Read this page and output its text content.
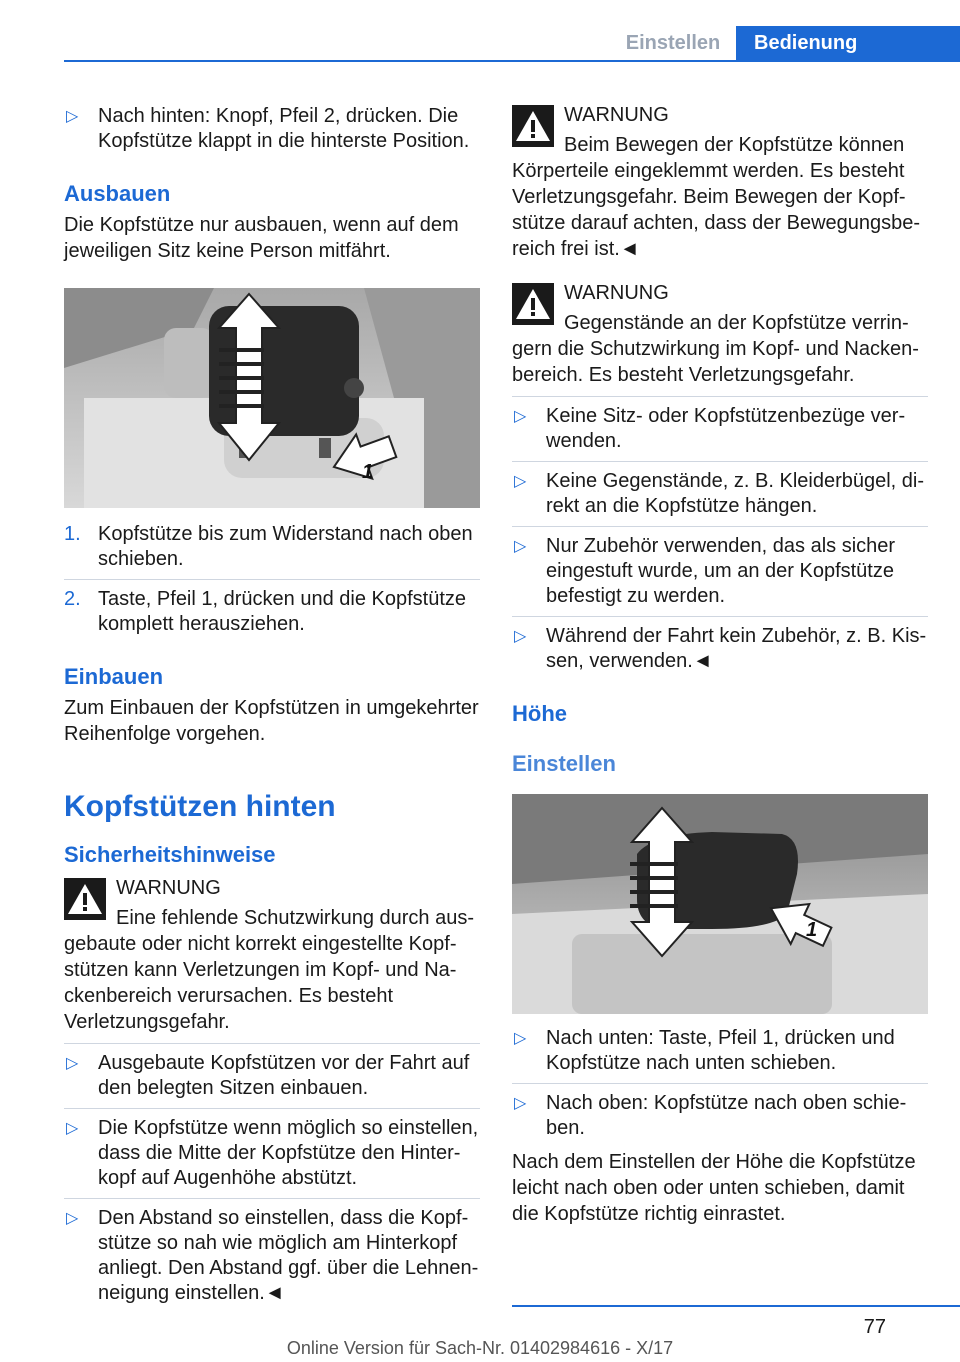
Einstellen	Bedienung
▷ Nach hinten: Knopf, Pfeil 2, drücken. Die Kopfstütze klappt in die hinterste Position.
Ausbauen
Die Kopfstütze nur ausbauen, wenn auf dem jeweiligen Sitz keine Person mitfährt.
1
1. Kopfstütze bis zum Widerstand nach oben schieben.
2. Taste, Pfeil 1, drücken und die Kopfstütze komplett herausziehen.
Einbauen
Zum Einbauen der Kopfstützen in umgekehrter Reihenfolge vorgehen.
Kopfstützen hinten
Sicherheitshinweise
WARNUNG
Eine fehlende Schutzwirkung durch aus-
gebaute oder nicht korrekt eingestellte Kopfstützen kann Verletzungen im Kopf- und Nackenbereich verursachen. Es besteht Verletzungsgefahr.
▷ Ausgebaute Kopfstützen vor der Fahrt auf den belegten Sitzen einbauen.
▷ Die Kopfstütze wenn möglich so einstellen, dass die Mitte der Kopfstütze den Hinterkopf auf Augenhöhe abstützt.
▷ Den Abstand so einstellen, dass die Kopfstütze so nah wie möglich am Hinterkopf anliegt. Den Abstand ggf. über die Lehnenneigung einstellen.◄
WARNUNG
Beim Bewegen der Kopfstütze können
Körperteile eingeklemmt werden. Es besteht Verletzungsgefahr. Beim Bewegen der Kopfstütze darauf achten, dass der Bewegungsbereich frei ist.◄
WARNUNG
Gegenstände an der Kopfstütze verrin-
gern die Schutzwirkung im Kopf- und Nackenbereich. Es besteht Verletzungsgefahr.
▷ Keine Sitz- oder Kopfstützenbezüge verwenden.
▷ Keine Gegenstände, z. B. Kleiderbügel, direkt an die Kopfstütze hängen.
▷ Nur Zubehör verwenden, das als sicher eingestuft wurde, um an der Kopfstütze befestigt zu werden.
▷ Während der Fahrt kein Zubehör, z. B. Kissen, verwenden.◄
Höhe
Einstellen
1
▷ Nach unten: Taste, Pfeil 1, drücken und Kopfstütze nach unten schieben.
▷ Nach oben: Kopfstütze nach oben schieben.
Nach dem Einstellen der Höhe die Kopfstütze leicht nach oben oder unten schieben, damit die Kopfstütze richtig einrastet.
77
Online Version für Sach-Nr. 01402984616 - X/17
